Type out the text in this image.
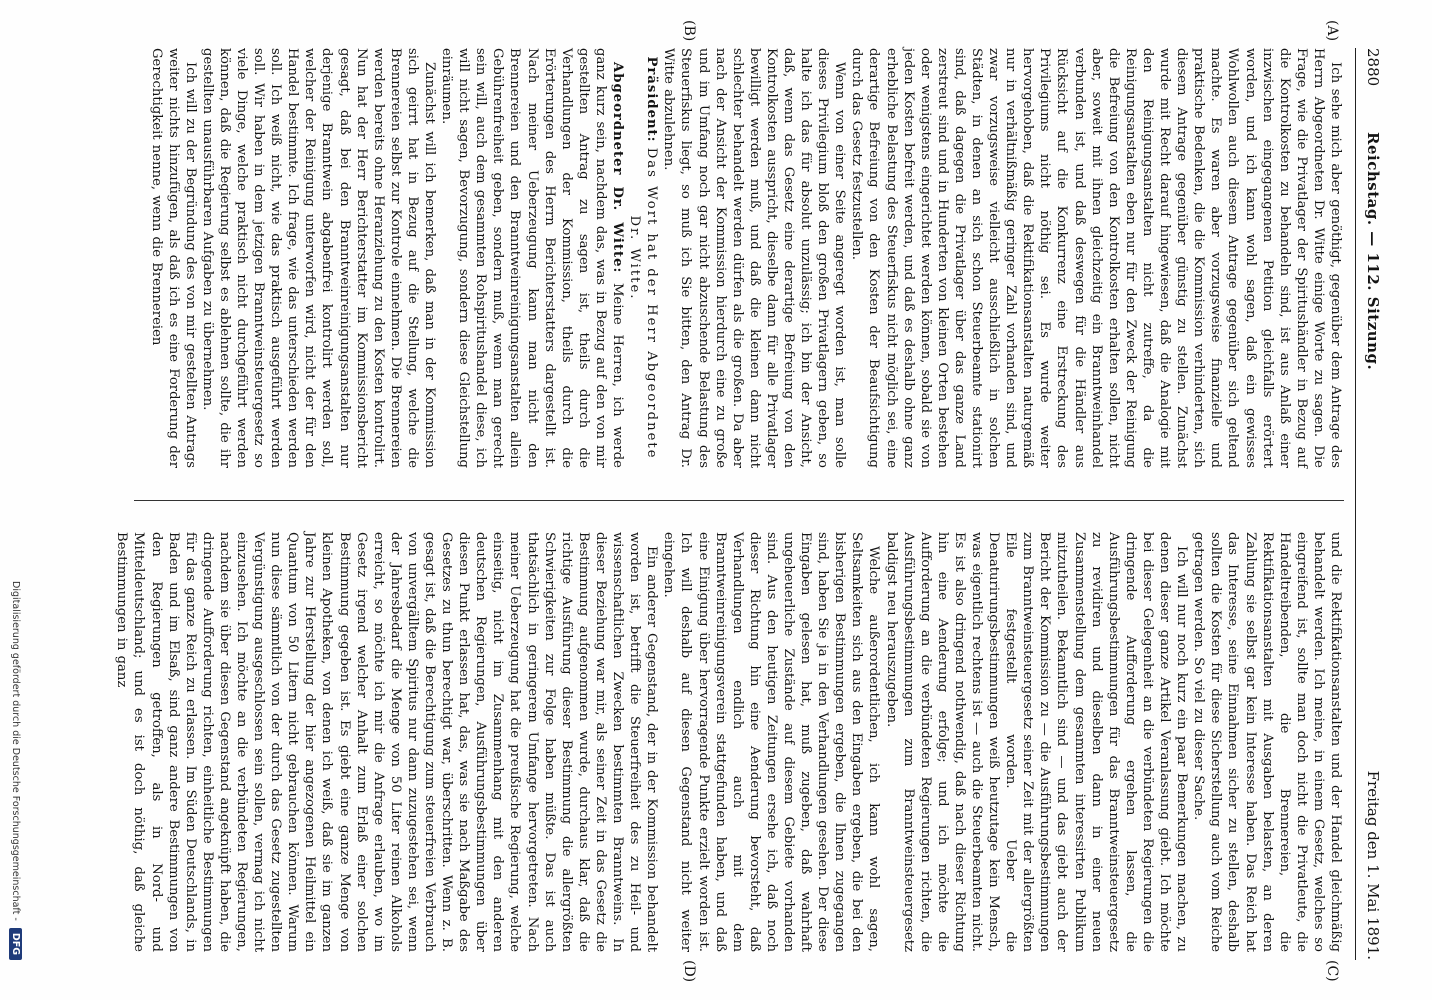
2880
Reichstag. — 112. Sitzung.
Freitag den 1. Mai 1891.
(A)
(B)
(C)
(D)

Ich sehe mich aber genöthigt, gegenüber dem Antrage des Herrn Abgeordneten Dr. Witte einige Worte zu sagen. Die Frage, wie die Privatlager der Spiritushändler in Bezug auf die Kontrolkosten zu behandeln sind, ist aus Anlaß einer inzwischen eingegangenen Petition gleichfalls erörtert worden, und ich kann wohl sagen, daß ein gewisses Wohlwollen auch diesem Antrage gegenüber sich geltend machte. Es waren aber vorzugsweise finanzielle und praktische Bedenken, die die Kommission verhinderten, sich diesem Antrage gegenüber günstig zu stellen. Zunächst wurde mit Recht darauf hingewiesen, daß die Analogie mit den Reinigungsanstalten nicht zutreffe, da die Reinigungsanstalten eben nur für den Zweck der Reinigung die Befreiung von den Kontrolkosten erhalten sollen, nicht aber, soweit mit ihnen gleichzeitig ein Branntweinhandel verbunden ist, und daß deswegen für die Händler aus Rücksicht auf die Konkurrenz eine Erstreckung des Privilegiums nicht nöthig sei. Es wurde weiter hervorgehoben, daß die Rektifikationsanstalten naturgemäß nur in verhältnißmäßig geringer Zahl vorhanden sind, und zwar vorzugsweise vielleicht ausschließlich in solchen Städten, in denen an sich schon Steuerbeamte stationirt sind, daß dagegen die Privatlager über das ganze Land zerstreut sind und in Hunderten von kleinen Orten bestehen oder wenigstens eingerichtet werden können, sobald sie von jeden Kosten befreit werden, und daß es deshalb ohne ganz erhebliche Belastung des Steuerfiskus nicht möglich sei, eine derartige Befreiung von den Kosten der Beaufsichtigung durch das Gesetz festzustellen.

Wenn von einer Seite angeregt worden ist, man solle dieses Privilegium bloß den großen Privatlagern geben, so halte ich das für absolut unzulässig; ich bin der Ansicht, daß, wenn das Gesetz eine derartige Befreiung von den Kontrolkosten ausspricht, dieselbe dann für alle Privatlager bewilligt werden muß, und daß die kleinen dann nicht schlechter behandelt werden dürfen als die großen. Da aber nach der Ansicht der Kommission hierdurch eine zu große und im Umfang noch gar nicht abzuschende Belastung des Steuerfiskus liegt, so muß ich Sie bitten, den Antrag Dr. Witte abzulehnen.

Präsident: Das Wort hat der Herr Abgeordnete Dr. Witte.

Abgeordneter Dr. Witte: Meine Herren, ich werde ganz kurz sein, nachdem das, was in Bezug auf den von mir gestellten Antrag zu sagen ist, theils durch die Verhandlungen der Kommission, theils durch die Erörterungen des Herrn Berichterstatters dargestellt ist. Nach meiner Ueberzeugung kann man nicht den Brennereien und den Branntweinreinigungsanstalten allein Gebührenfreiheit geben, sondern muß, wenn man gerecht sein will, auch dem gesammten Rohspiritushandel diese, ich will nicht sagen, Bevorzugung, sondern diese Gleichstellung einräumen.

Zunächst will ich bemerken, daß man in der Kommission sich geirrt hat in Bezug auf die Stellung, welche die Brennereien selbst zur Kontrole einnehmen. Die Brennereien werden bereits ohne Heranziehung zu den Kosten kontrolirt. Nun hat der Herr Berichterstatter im Kommissionsbericht gesagt, daß bei den Branntweinreinigungsanstalten nur derjenige Branntwein abgabenfrei kontrolirt werden soll, welcher der Reinigung unterworfen wird, nicht der für den Handel bestimmte. Ich frage, wie das unterschieden werden soll. Ich weiß nicht, wie das praktisch ausgeführt werden soll. Wir haben in dem jetzigen Branntweinsteuergesetz so viele Dinge, welche praktisch nicht durchgeführt werden können, daß die Regierung selbst es ablehnen sollte, die ihr gestellten unausführbaren Aufgaben zu übernehmen.

Ich will zu der Begründung des von mir gestellten Antrags weiter nichts hinzufügen, als daß ich es eine Forderung der Gerechtigkeit nenne, wenn die Brennereien

und die Rektifikationsanstalten und der Handel gleichmäßig behandelt werden. Ich meine, in einem Gesetz, welches so eingreifend ist, sollte man doch nicht die Privatleute, die Handeltreibenden, die Brennereien, die Rektifikationsanstalten mit Ausgaben belasten, an deren Zahlung sie selbst gar kein Interesse haben. Das Reich hat das Interesse, seine Einnahmen sicher zu stellen, deshalb sollten die Kosten für diese Sicherstellung auch vom Reiche getragen werden. So viel zu dieser Sache.

Ich will nur noch kurz ein paar Bemerkungen machen, zu denen dieser ganze Artikel Veranlassung giebt. Ich möchte bei dieser Gelegenheit an die verbündeten Regierungen die dringende Aufforderung ergehen lassen, die Ausführungsbestimmungen für das Branntweinsteuergesetz zu revidiren und dieselben dann in einer neuen Zusammenstellung dem gesammten interessirten Publikum mitzutheilen. Bekanntlich sind — und das giebt auch der Bericht der Kommission zu — die Ausführungsbestimmungen zum Branntweinsteuergesetz seiner Zeit mit der allergrößten Eile festgestellt worden. Ueber die Denaturirungsbestimmungen weiß heutzutage kein Mensch, was eigentlich rechtens ist — auch die Steuerbeamten nicht. Es ist also dringend nothwendig, daß nach dieser Richtung hin eine Aenderung erfolge; und ich möchte die Aufforderung an die verbündeten Regierungen richten, die Ausführungsbestimmungen zum Branntweinsteuergesetz baldigst neu herauszugeben.

Welche außerordentlichen, ich kann wohl sagen, Seltsamkeiten sich aus den Eingaben ergeben, die bei den bisherigen Bestimmungen ergeben, die Ihnen zugegangen sind, haben Sie ja in den Verhandlungen gesehen. Der diese Eingaben gelesen hat, muß zugeben, daß wahrhaft ungeheuerliche Zustände auf diesem Gebiete vorhanden sind. Aus den heutigen Zeitungen ersehe ich, daß noch dieser Richtung hin eine Aenderung bevorsteht, daß Verhandlungen endlich auch mit dem Branntweinreinigungsverein stattgefunden haben, und daß eine Einigung über hervorragende Punkte erzielt worden ist. Ich will deshalb auf diesen Gegenstand nicht weiter eingehen.

Ein anderer Gegenstand, der in der Kommission behandelt worden ist, betrifft die Steuerfreiheit des zu Heil- und wissenschaftlichen Zwecken bestimmten Branntweins. In dieser Beziehung war mir, als seiner Zeit in das Gesetz die Bestimmung aufgenommen wurde, durchaus klar, daß die richtige Ausführung dieser Bestimmung die allergrößten Schwierigkeiten zur Folge haben müßte. Das ist auch thatsächlich in geringerem Umfange hervorgetreten. Nach meiner Ueberzeugung hat die preußische Regierung, welche einseitig, nicht im Zusammenhang mit den anderen deutschen Regierungen, Ausführungsbestimmungen über diesen Punkt erlassen hat, das, was sie nach Maßgabe des Gesetzes zu thun berechtigt war, überschritten. Wenn z. B. gesagt ist, daß die Berechtigung zum steuerfreien Verbrauch von unvergälltem Spiritus nur dann zuzugestehen sei, wenn der Jahresbedarf die Menge von 50 Liter reinen Alkohols erreicht, so möchte ich mir die Anfrage erlauben, wo im Gesetz irgend welcher Anhalt zum Erlaß einer solchen Bestimmung gegeben ist. Es giebt eine ganze Menge von kleinen Apotheken, von denen ich weiß, daß sie im ganzen Jahre zur Herstellung der hier angezogenen Heilmittel ein Quantum von 50 Litern nicht gebrauchen können. Warum nun diese sämmtlich von der durch das Gesetz zugestellten Vergünstigung ausgeschlossen sein sollen, vermag ich nicht einzusehen. Ich möchte an die verbündeten Regierungen, nachdem sie über diesen Gegenstand angeknüpft haben, die dringende Aufforderung richten, einheitliche Bestimmungen für das ganze Reich zu erlassen. Im Süden Deutschlands, in Baden und im Elsaß, sind ganz andere Bestimmungen von den Regierungen getroffen, als in Nord- und Mitteldeutschland; und es ist doch nöthig, daß gleiche Bestimmungen in ganz

Digitalisierung gefördert durch die Deutsche Forschungsgemeinschaft - DFG
